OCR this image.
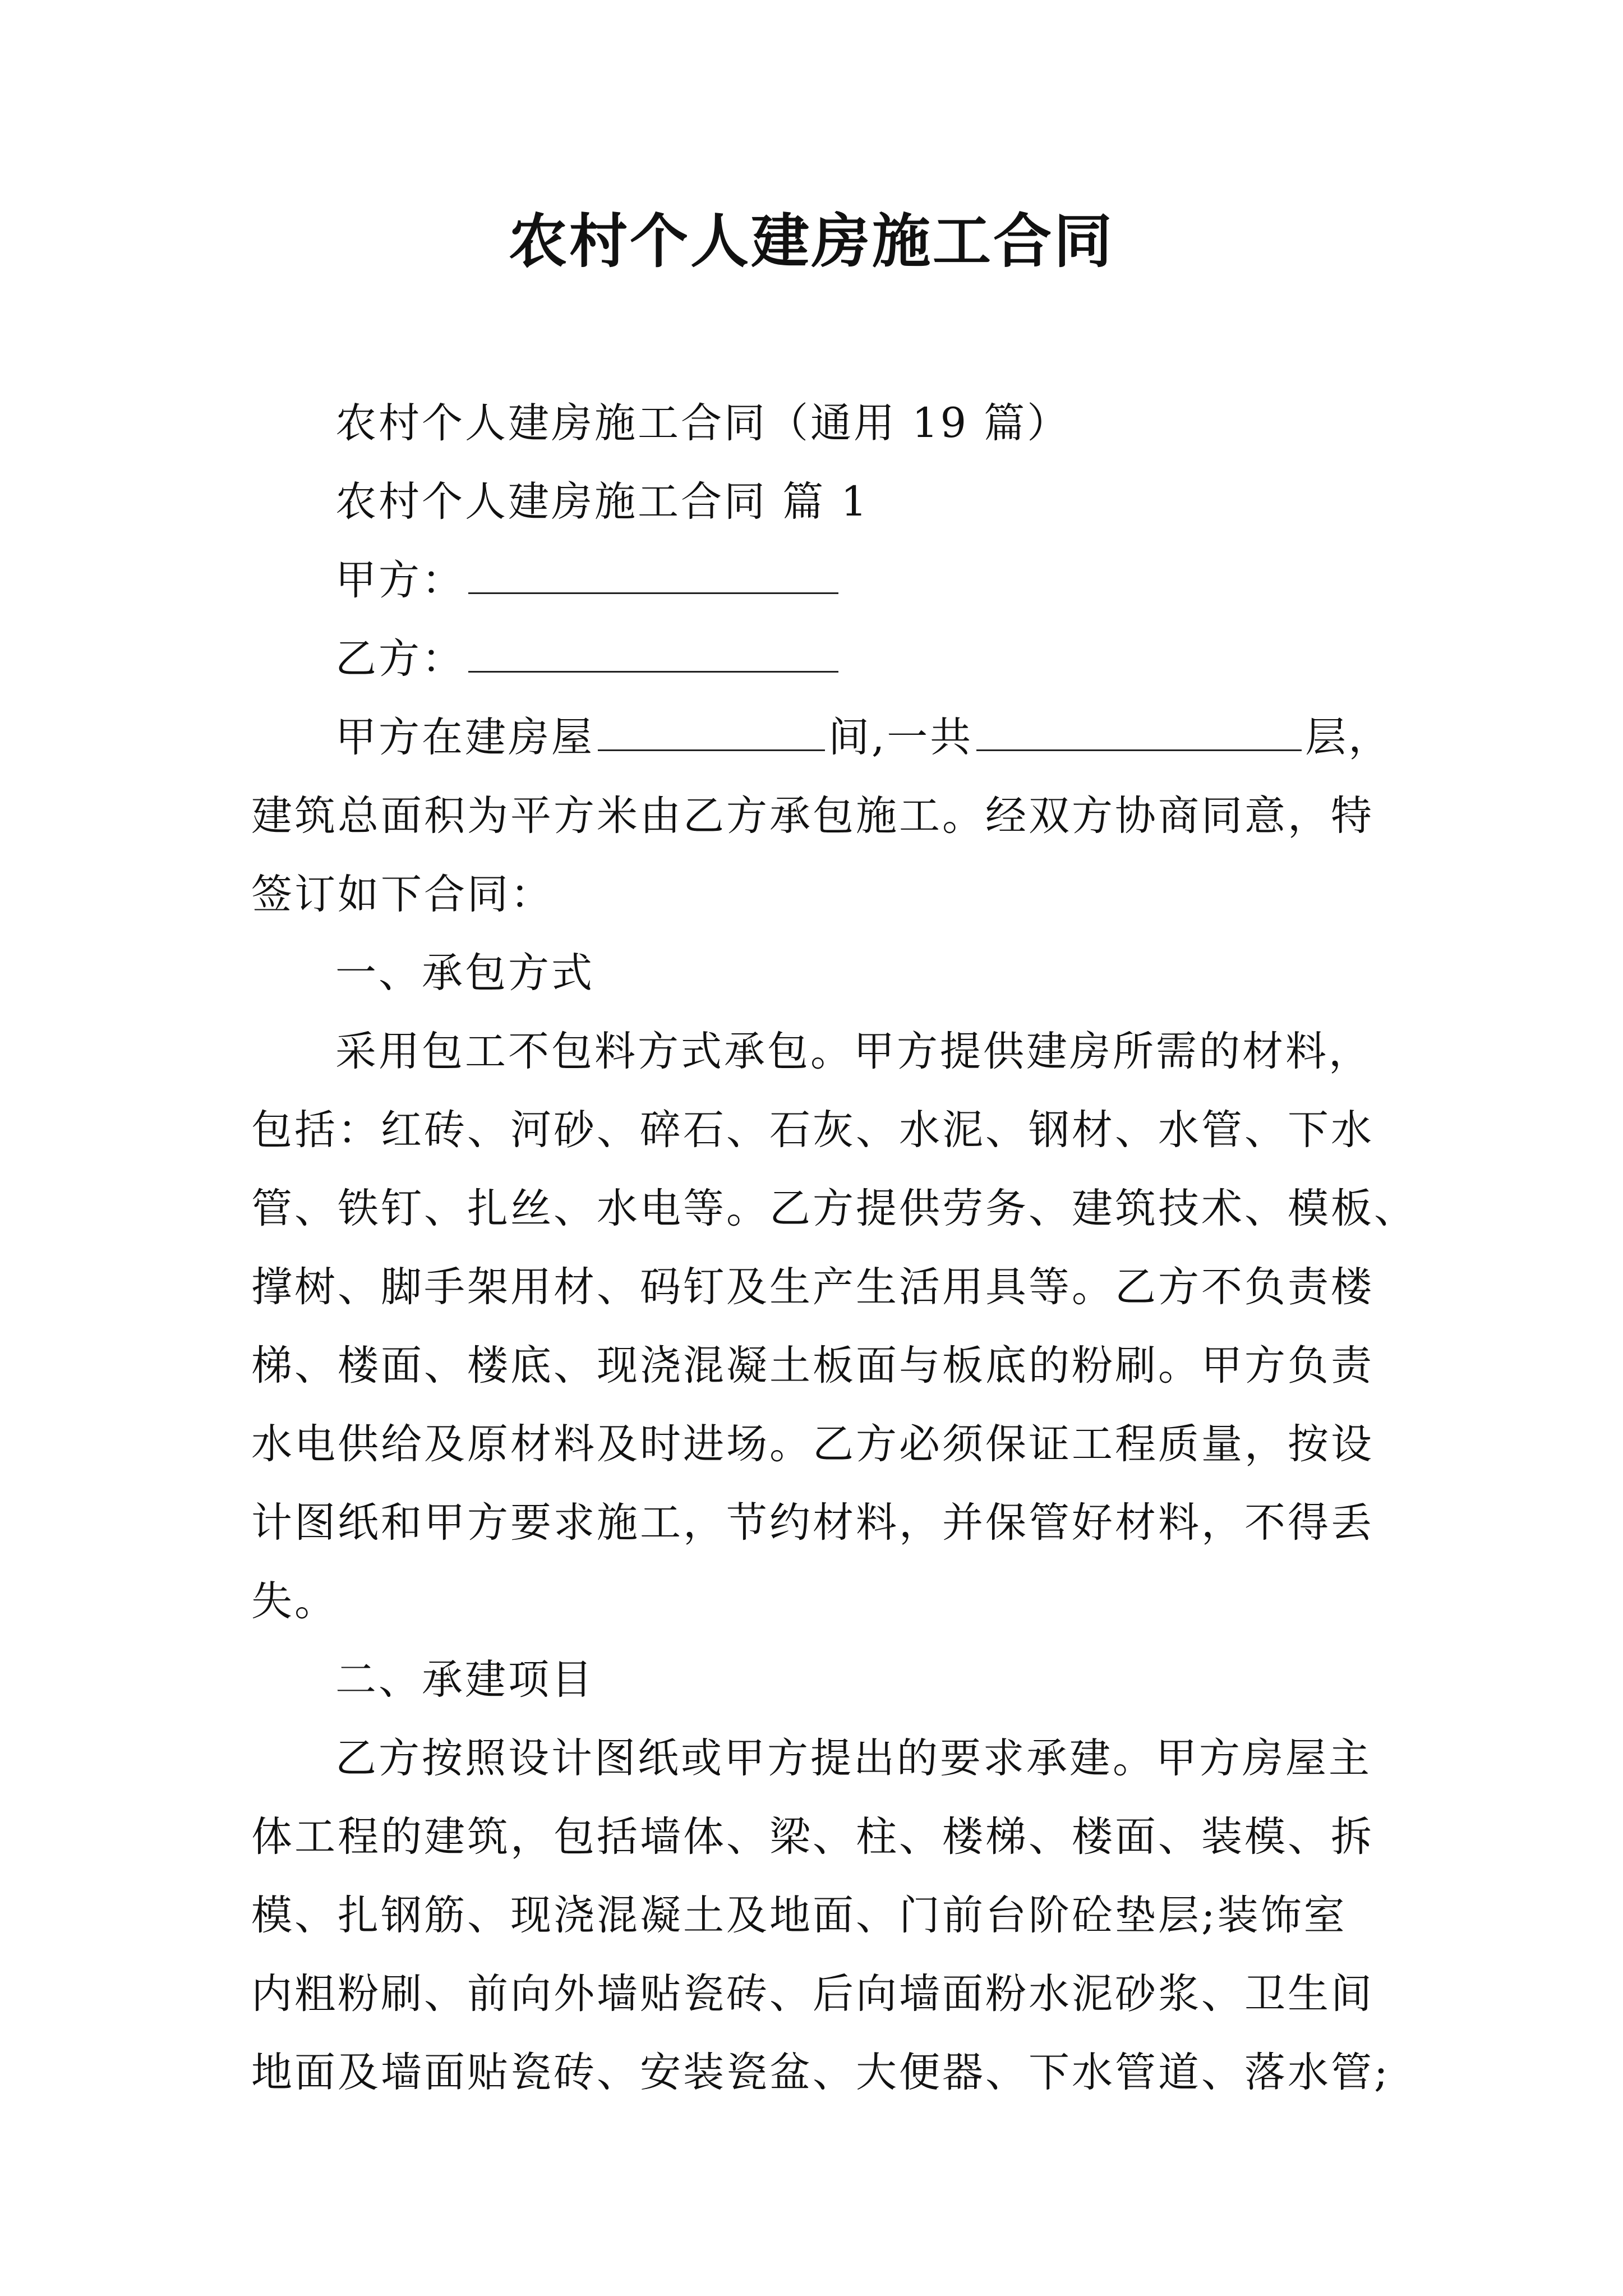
农村个人建房施工合同

农村个人建房施工合同（通用 19 篇）

农村个人建房施工合同 篇 1

甲方：

乙方：

甲方在建房屋	间,一共	层，

建筑总面积为平方米由乙方承包施工。经双方协商同意，特

签订如下合同：

一、承包方式

采用包工不包料方式承包。甲方提供建房所需的材料，

包括：红砖、河砂、碎石、石灰、水泥、钢材、水管、下水

管、铁钉、扎丝、水电等。乙方提供劳务、建筑技术、模板、

撑树、脚手架用材、码钉及生产生活用具等。乙方不负责楼

梯、楼面、楼底、现浇混凝土板面与板底的粉刷。甲方负责

水电供给及原材料及时进场。乙方必须保证工程质量，按设

计图纸和甲方要求施工，节约材料，并保管好材料，不得丢

失。

二、承建项目

乙方按照设计图纸或甲方提出的要求承建。甲方房屋主

体工程的建筑，包括墙体、梁、柱、楼梯、楼面、装模、拆

模、扎钢筋、现浇混凝土及地面、门前台阶砼垫层;装饰室

内粗粉刷、前向外墙贴瓷砖、后向墙面粉水泥砂浆、卫生间

地面及墙面贴瓷砖、安装瓷盆、大便器、下水管道、落水管;
